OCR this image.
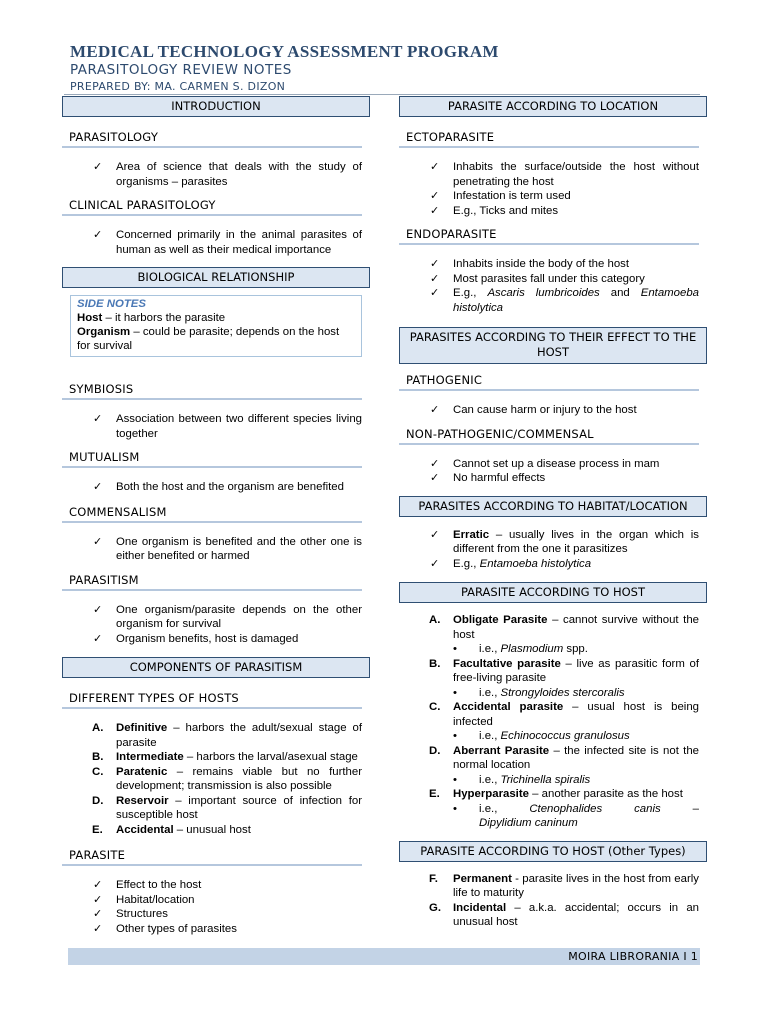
MEDICAL TECHNOLOGY ASSESSMENT PROGRAM
PARASITOLOGY REVIEW NOTES
PREPARED BY: MA. CARMEN S. DIZON
INTRODUCTION
PARASITOLOGY
✓ Area of science that deals with the study of organisms – parasites
CLINICAL PARASITOLOGY
✓ Concerned primarily in the animal parasites of human as well as their medical importance
BIOLOGICAL RELATIONSHIP
SIDE NOTES
Host – it harbors the parasite
Organism – could be parasite; depends on the host for survival
SYMBIOSIS
✓ Association between two different species living together
MUTUALISM
✓ Both the host and the organism are benefited
COMMENSALISM
✓ One organism is benefited and the other one is either benefited or harmed
PARASITISM
✓ One organism/parasite depends on the other organism for survival
✓ Organism benefits, host is damaged
COMPONENTS OF PARASITISM
DIFFERENT TYPES OF HOSTS
A. Definitive – harbors the adult/sexual stage of parasite
B. Intermediate – harbors the larval/asexual stage
C. Paratenic – remains viable but no further development; transmission is also possible
D. Reservoir – important source of infection for susceptible host
E. Accidental – unusual host
PARASITE
✓ Effect to the host
✓ Habitat/location
✓ Structures
✓ Other types of parasites
PARASITE ACCORDING TO LOCATION
ECTOPARASITE
✓ Inhabits the surface/outside the host without penetrating the host
✓ Infestation is term used
✓ E.g., Ticks and mites
ENDOPARASITE
✓ Inhabits inside the body of the host
✓ Most parasites fall under this category
✓ E.g., Ascaris lumbricoides and Entamoeba histolytica
PARASITES ACCORDING TO THEIR EFFECT TO THE HOST
PATHOGENIC
✓ Can cause harm or injury to the host
NON-PATHOGENIC/COMMENSAL
✓ Cannot set up a disease process in mam
✓ No harmful effects
PARASITES ACCORDING TO HABITAT/LOCATION
✓ Erratic – usually lives in the organ which is different from the one it parasitizes
✓ E.g., Entamoeba histolytica
PARASITE ACCORDING TO HOST
A. Obligate Parasite – cannot survive without the host
• i.e., Plasmodium spp.
B. Facultative parasite – live as parasitic form of free-living parasite
• i.e., Strongyloides stercoralis
C. Accidental parasite – usual host is being infected
• i.e., Echinococcus granulosus
D. Aberrant Parasite – the infected site is not the normal location
• i.e., Trichinella spiralis
E. Hyperparasite – another parasite as the host
• i.e.,	Ctenophalides	canis	–
Dipylidium caninum
PARASITE ACCORDING TO HOST (Other Types)
F. Permanent - parasite lives in the host from early life to maturity
G. Incidental – a.k.a. accidental; occurs in an unusual host
MOIRA LIBRORANIA I 1
